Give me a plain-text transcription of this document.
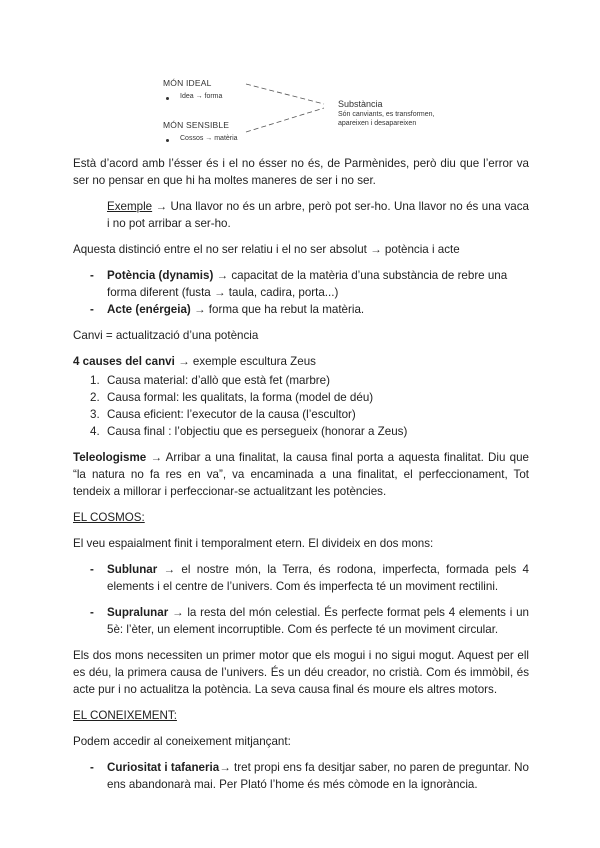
MÓN IDEAL
Idea → forma
MÓN SENSIBLE
Cossos → matèria
Substància
Són canviants, es transformen,
apareixen i desapareixen

Està d’acord amb l’ésser és i el no ésser no és, de Parmènides, però diu que l’error va ser no pensar en que hi ha moltes maneres de ser i no ser.

Exemple → Una llavor no és un arbre, però pot ser-ho. Una llavor no és una vaca i no pot arribar a ser-ho.

Aquesta distinció entre el no ser relatiu i el no ser absolut → potència i acte

- Potència (dynamis) → capacitat de la matèria d’una substància de rebre una forma diferent (fusta → taula, cadira, porta...)
- Acte (enérgeia) → forma que ha rebut la matèria.

Canvi = actualització d’una potència

4 causes del canvi → exemple escultura Zeus

1. Causa material: d’allò que està fet (marbre)
2. Causa formal: les qualitats, la forma (model de déu)
3. Causa eficient: l’executor de la causa (l’escultor)
4. Causa final : l’objectiu que es persegueix (honorar a Zeus)

Teleologisme → Arribar a una finalitat, la causa final porta a aquesta finalitat. Diu que “la natura no fa res en va”, va encaminada a una finalitat, el perfeccionament, Tot tendeix a millorar i perfeccionar-se actualitzant les potències.

EL COSMOS:

El veu espaialment finit i temporalment etern. El divideix en dos mons:

- Sublunar → el nostre món, la Terra, és rodona, imperfecta, formada pels 4 elements i el centre de l’univers. Com és imperfecta té un moviment rectilini.
- Supralunar → la resta del món celestial. És perfecte format pels 4 elements i un 5è: l’èter, un element incorruptible. Com és perfecte té un moviment circular.

Els dos mons necessiten un primer motor que els mogui i no sigui mogut. Aquest per ell es déu, la primera causa de l’univers. És un déu creador, no cristià. Com és immòbil, és acte pur i no actualitza la potència. La seva causa final és moure els altres motors.

EL CONEIXEMENT:

Podem accedir al coneixement mitjançant:

- Curiositat i tafaneria→ tret propi ens fa desitjar saber, no paren de preguntar. No ens abandonarà mai. Per Plató l’home és més còmode en la ignorància.
